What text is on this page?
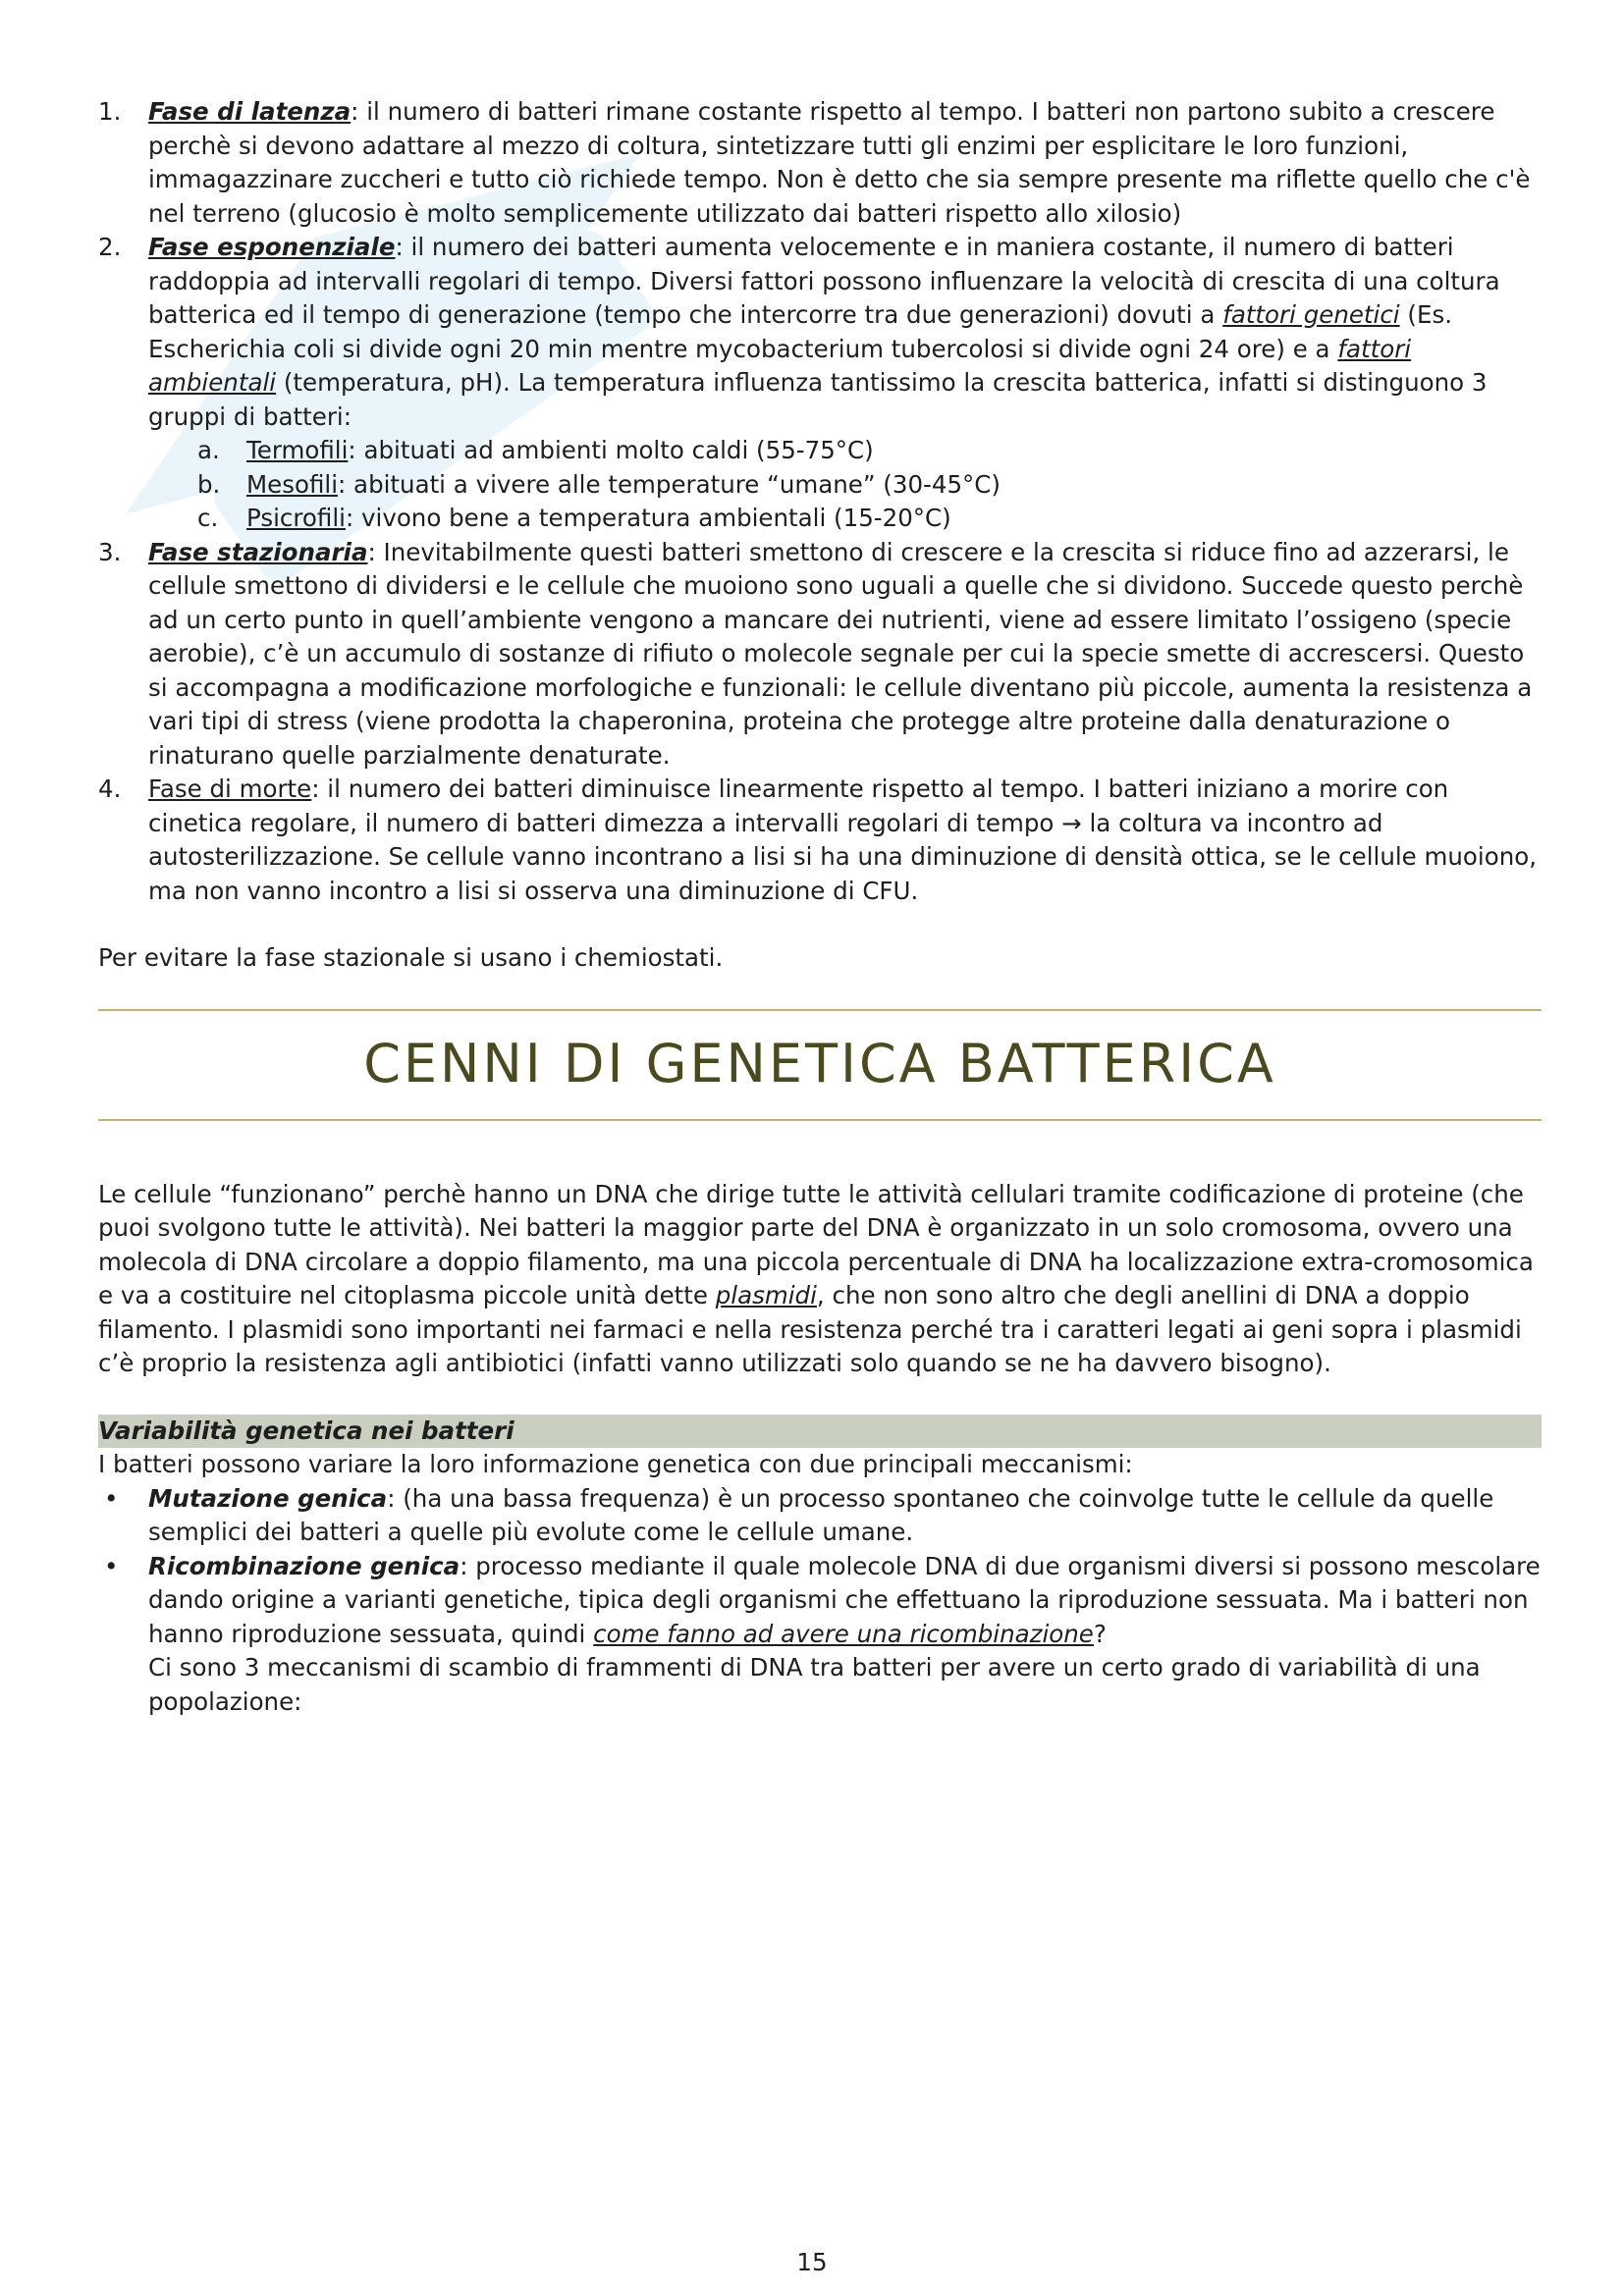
1. Fase di latenza: il numero di batteri rimane costante rispetto al tempo. I batteri non partono subito a crescere perchè si devono adattare al mezzo di coltura, sintetizzare tutti gli enzimi per esplicitare le loro funzioni, immagazzinare zuccheri e tutto ciò richiede tempo. Non è detto che sia sempre presente ma riflette quello che c'è nel terreno (glucosio è molto semplicemente utilizzato dai batteri rispetto allo xilosio)
2. Fase esponenziale: il numero dei batteri aumenta velocemente e in maniera costante, il numero di batteri raddoppia ad intervalli regolari di tempo. Diversi fattori possono influenzare la velocità di crescita di una coltura batterica ed il tempo di generazione (tempo che intercorre tra due generazioni) dovuti a fattori genetici (Es. Escherichia coli si divide ogni 20 min mentre mycobacterium tubercolosi si divide ogni 24 ore) e a fattori ambientali (temperatura, pH). La temperatura influenza tantissimo la crescita batterica, infatti si distinguono 3 gruppi di batteri:
a. Termofili: abituati ad ambienti molto caldi (55-75°C)
b. Mesofili: abituati a vivere alle temperature “umane” (30-45°C)
c. Psicrofili: vivono bene a temperatura ambientali (15-20°C)
3. Fase stazionaria: Inevitabilmente questi batteri smettono di crescere e la crescita si riduce fino ad azzerarsi, le cellule smettono di dividersi e le cellule che muoiono sono uguali a quelle che si dividono. Succede questo perchè ad un certo punto in quell’ambiente vengono a mancare dei nutrienti, viene ad essere limitato l’ossigeno (specie aerobie), c’è un accumulo di sostanze di rifiuto o molecole segnale per cui la specie smette di accrescersi. Questo si accompagna a modificazione morfologiche e funzionali: le cellule diventano più piccole, aumenta la resistenza a vari tipi di stress (viene prodotta la chaperonina, proteina che protegge altre proteine dalla denaturazione o rinaturano quelle parzialmente denaturate.
4. Fase di morte: il numero dei batteri diminuisce linearmente rispetto al tempo. I batteri iniziano a morire con cinetica regolare, il numero di batteri dimezza a intervalli regolari di tempo → la coltura va incontro ad autosterilizzazione. Se cellule vanno incontrano a lisi si ha una diminuzione di densità ottica, se le cellule muoiono, ma non vanno incontro a lisi si osserva una diminuzione di CFU.

Per evitare la fase stazionale si usano i chemiostati.

CENNI DI GENETICA BATTERICA

Le cellule “funzionano” perchè hanno un DNA che dirige tutte le attività cellulari tramite codificazione di proteine (che puoi svolgono tutte le attività). Nei batteri la maggior parte del DNA è organizzato in un solo cromosoma, ovvero una molecola di DNA circolare a doppio filamento, ma una piccola percentuale di DNA ha localizzazione extra-cromosomica e va a costituire nel citoplasma piccole unità dette plasmidi, che non sono altro che degli anellini di DNA a doppio filamento. I plasmidi sono importanti nei farmaci e nella resistenza perché tra i caratteri legati ai geni sopra i plasmidi c’è proprio la resistenza agli antibiotici (infatti vanno utilizzati solo quando se ne ha davvero bisogno).

Variabilità genetica nei batteri

I batteri possono variare la loro informazione genetica con due principali meccanismi:

• Mutazione genica: (ha una bassa frequenza) è un processo spontaneo che coinvolge tutte le cellule da quelle semplici dei batteri a quelle più evolute come le cellule umane.
• Ricombinazione genica: processo mediante il quale molecole DNA di due organismi diversi si possono mescolare dando origine a varianti genetiche, tipica degli organismi che effettuano la riproduzione sessuata. Ma i batteri non hanno riproduzione sessuata, quindi come fanno ad avere una ricombinazione?
Ci sono 3 meccanismi di scambio di frammenti di DNA tra batteri per avere un certo grado di variabilità di una popolazione:
15
